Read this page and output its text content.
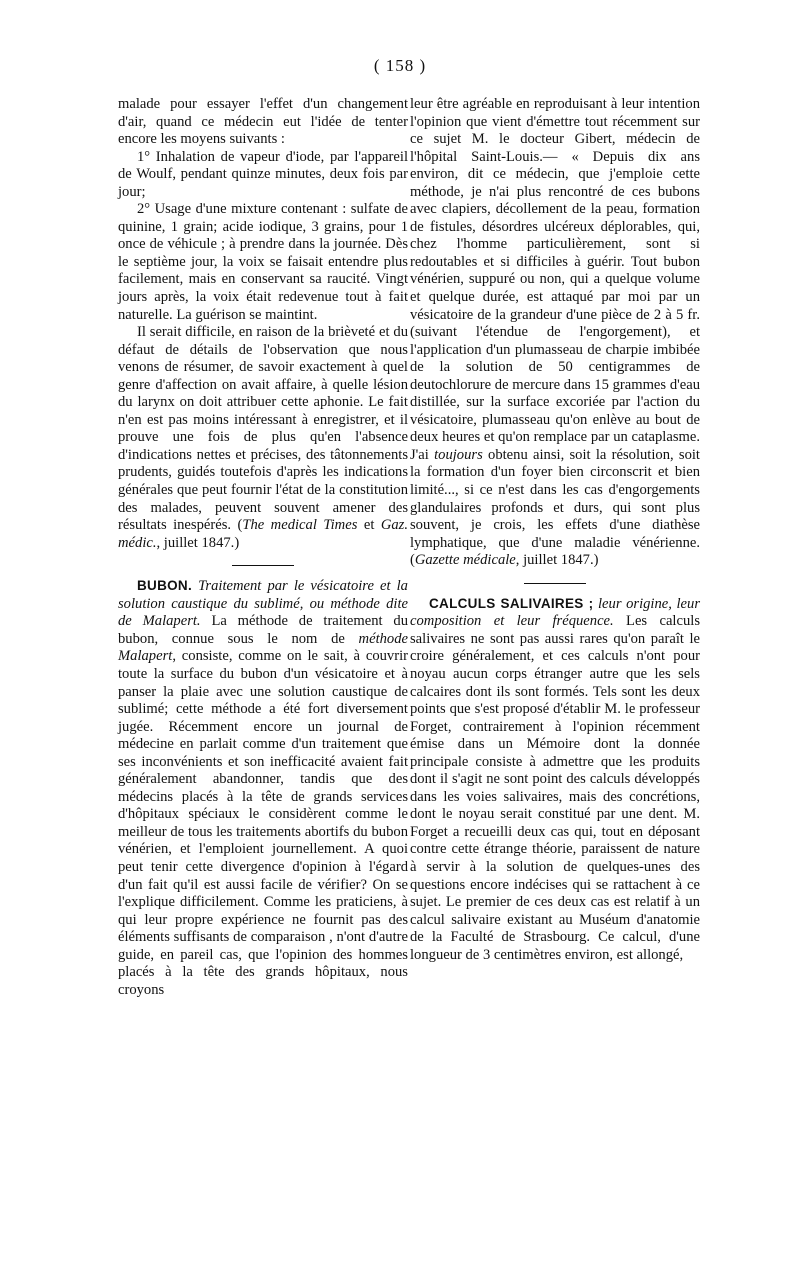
( 158 )

malade pour essayer l'effet d'un changement d'air, quand ce médecin eut l'idée de tenter encore les moyens suivants :

1° Inhalation de vapeur d'iode, par l'appareil de Woulf, pendant quinze minutes, deux fois par jour;

2° Usage d'une mixture contenant : sulfate de quinine, 1 grain; acide iodique, 3 grains, pour 1 once de véhicule ; à prendre dans la journée. Dès le septième jour, la voix se faisait entendre plus facilement, mais en conservant sa raucité. Vingt jours après, la voix était redevenue tout à fait naturelle. La guérison se maintint.

Il serait difficile, en raison de la brièveté et du défaut de détails de l'observation que nous venons de résumer, de savoir exactement à quel genre d'affection on avait affaire, à quelle lésion du larynx on doit attribuer cette aphonie. Le fait n'en est pas moins intéressant à enregistrer, et il prouve une fois de plus qu'en l'absence d'indications nettes et précises, des tâtonnements prudents, guidés toutefois d'après les indications générales que peut fournir l'état de la constitution des malades, peuvent souvent amener des résultats inespérés. (The medical Times et Gaz. médic., juillet 1847.)

BUBON. Traitement par le vésicatoire et la solution caustique du sublimé, ou méthode dite de Malapert. La méthode de traitement du bubon, connue sous le nom de méthode Malapert, consiste, comme on le sait, à couvrir toute la surface du bubon d'un vésicatoire et à panser la plaie avec une solution caustique de sublimé; cette méthode a été fort diversement jugée. Récemment encore un journal de médecine en parlait comme d'un traitement que ses inconvénients et son inefficacité avaient fait généralement abandonner, tandis que des médecins placés à la tête de grands services d'hôpitaux spéciaux le considèrent comme le meilleur de tous les traitements abortifs du bubon vénérien, et l'emploient journellement. A quoi peut tenir cette divergence d'opinion à l'égard d'un fait qu'il est aussi facile de vérifier? On se l'explique difficilement. Comme les praticiens, à qui leur propre expérience ne fournit pas des éléments suffisants de comparaison , n'ont d'autre guide, en pareil cas, que l'opinion des hommes placés à la tête des grands hôpitaux, nous croyons

leur être agréable en reproduisant à leur intention l'opinion que vient d'émettre tout récemment sur ce sujet M. le docteur Gibert, médecin de l'hôpital Saint-Louis.— « Depuis dix ans environ, dit ce médecin, que j'emploie cette méthode, je n'ai plus rencontré de ces bubons avec clapiers, décollement de la peau, formation de fistules, désordres ulcéreux déplorables, qui, chez l'homme particulièrement, sont si redoutables et si difficiles à guérir. Tout bubon vénérien, suppuré ou non, qui a quelque volume et quelque durée, est attaqué par moi par un vésicatoire de la grandeur d'une pièce de 2 à 5 fr. (suivant l'étendue de l'engorgement), et l'application d'un plumasseau de charpie imbibée de la solution de 50 centigrammes de deutochlorure de mercure dans 15 grammes d'eau distillée, sur la surface excoriée par l'action du vésicatoire, plumasseau qu'on enlève au bout de deux heures et qu'on remplace par un cataplasme. J'ai toujours obtenu ainsi, soit la résolution, soit la formation d'un foyer bien circonscrit et bien limité..., si ce n'est dans les cas d'engorgements glandulaires profonds et durs, qui sont plus souvent, je crois, les effets d'une diathèse lymphatique, que d'une maladie vénérienne. (Gazette médicale, juillet 1847.)

CALCULS SALIVAIRES ; leur origine, leur composition et leur fréquence. Les calculs salivaires ne sont pas aussi rares qu'on paraît le croire généralement, et ces calculs n'ont pour noyau aucun corps étranger autre que les sels calcaires dont ils sont formés. Tels sont les deux points que s'est proposé d'établir M. le professeur Forget, contrairement à l'opinion récemment émise dans un Mémoire dont la donnée principale consiste à admettre que les produits dont il s'agit ne sont point des calculs développés dans les voies salivaires, mais des concrétions, dont le noyau serait constitué par une dent. M. Forget a recueilli deux cas qui, tout en déposant contre cette étrange théorie, paraissent de nature à servir à la solution de quelques-unes des questions encore indécises qui se rattachent à ce sujet. Le premier de ces deux cas est relatif à un calcul salivaire existant au Muséum d'anatomie de la Faculté de Strasbourg. Ce calcul, d'une longueur de 3 centimètres environ, est allongé,
